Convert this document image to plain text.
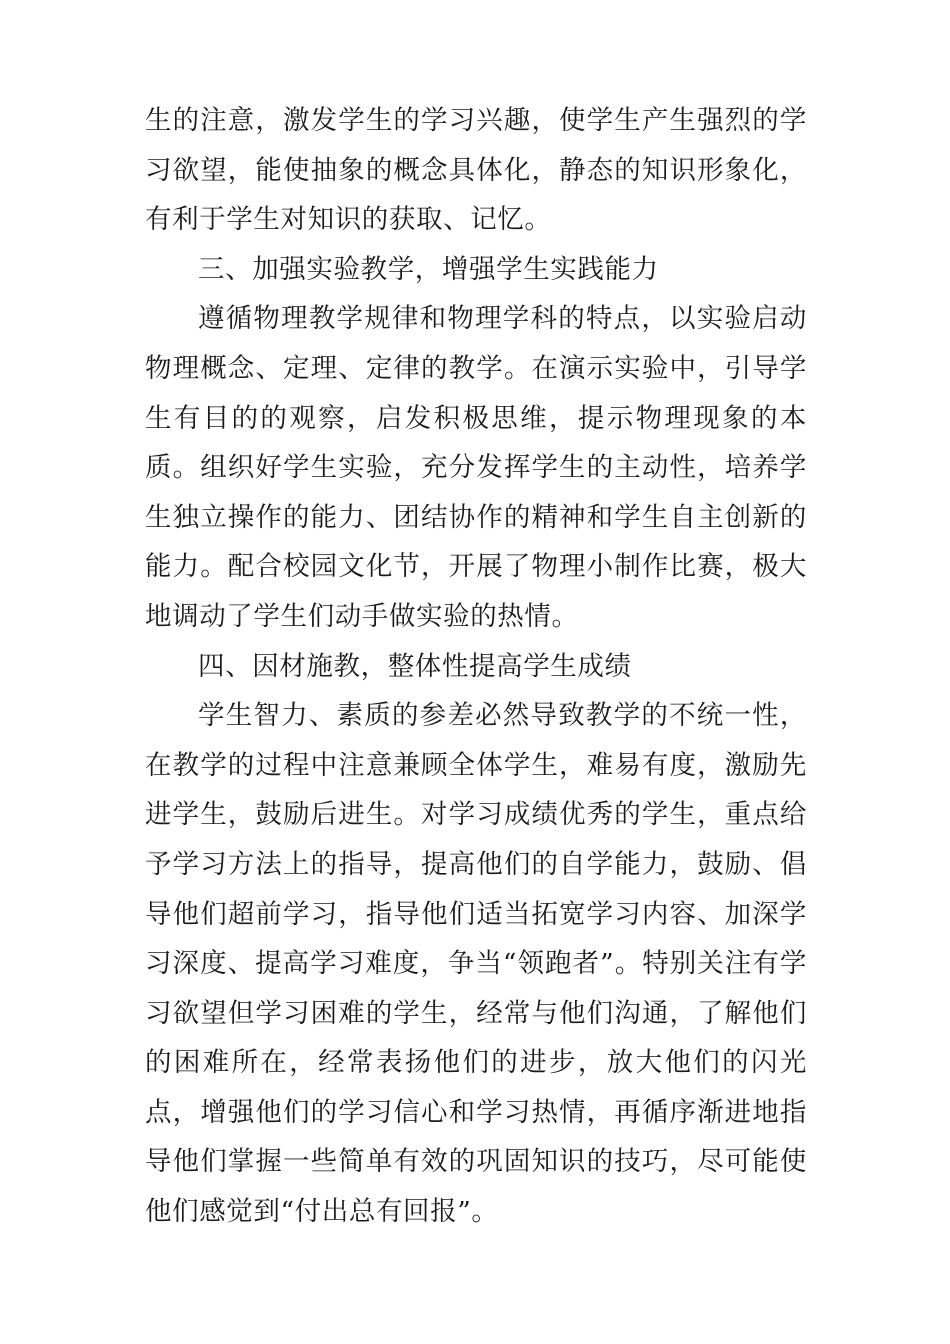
生的注意，激发学生的学习兴趣，使学生产生强烈的学习欲望，能使抽象的概念具体化，静态的知识形象化，有利于学生对知识的获取、记忆。

三、加强实验教学，增强学生实践能力

遵循物理教学规律和物理学科的特点，以实验启动物理概念、定理、定律的教学。在演示实验中，引导学生有目的的观察，启发积极思维，提示物理现象的本质。组织好学生实验，充分发挥学生的主动性，培养学生独立操作的能力、团结协作的精神和学生自主创新的能力。配合校园文化节，开展了物理小制作比赛，极大地调动了学生们动手做实验的热情。

四、因材施教，整体性提高学生成绩

学生智力、素质的参差必然导致教学的不统一性，在教学的过程中注意兼顾全体学生，难易有度，激励先进学生，鼓励后进生。对学习成绩优秀的学生，重点给予学习方法上的指导，提高他们的自学能力，鼓励、倡导他们超前学习，指导他们适当拓宽学习内容、加深学习深度、提高学习难度，争当“领跑者”。特别关注有学习欲望但学习困难的学生，经常与他们沟通，了解他们的困难所在，经常表扬他们的进步，放大他们的闪光点，增强他们的学习信心和学习热情，再循序渐进地指导他们掌握一些简单有效的巩固知识的技巧，尽可能使他们感觉到“付出总有回报”。
